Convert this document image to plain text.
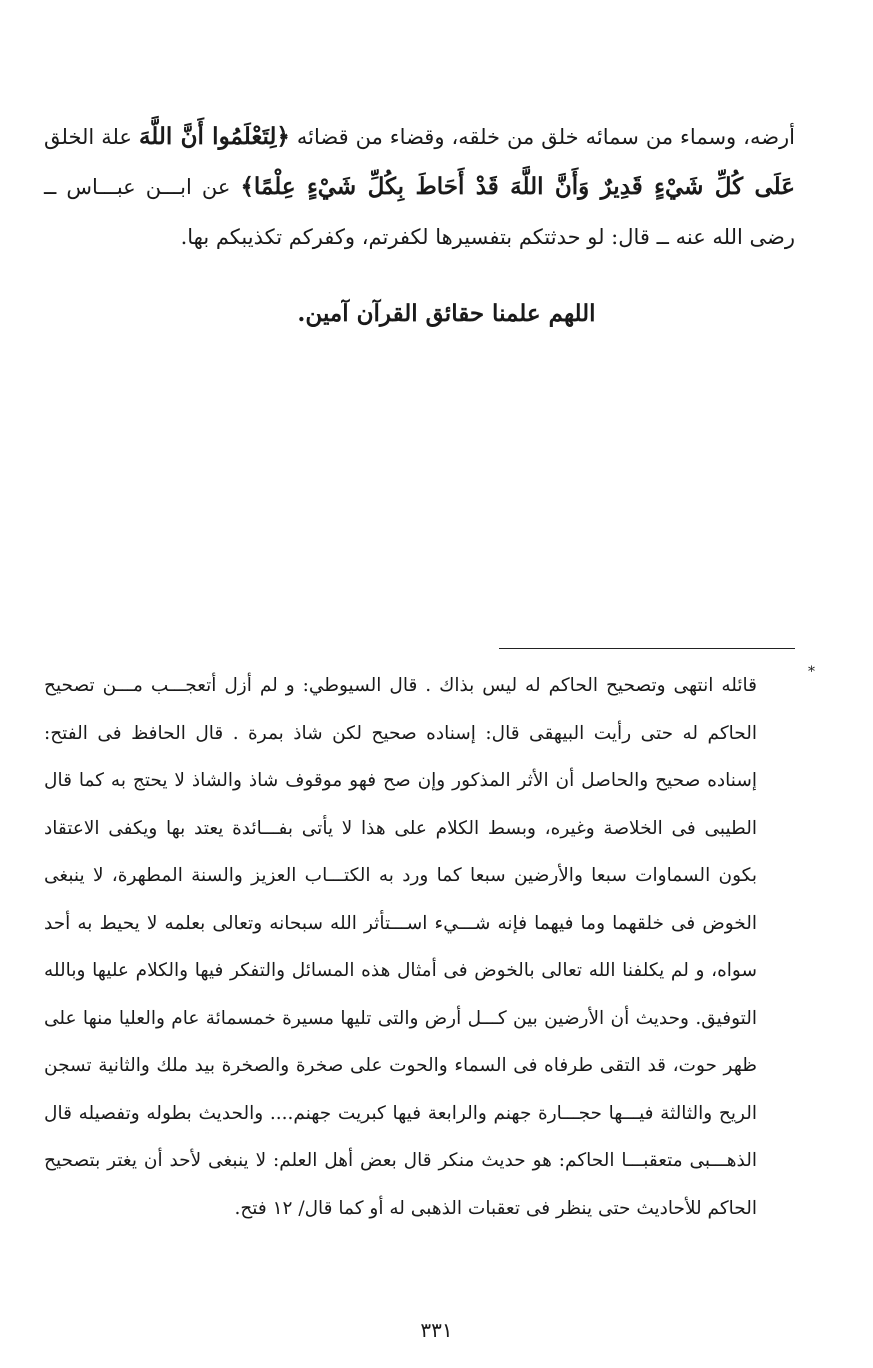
أرضه، وسماء من سمائه خلق من خلقه، وقضاء من قضائه ﴿لِتَعْلَمُوا أَنَّ اللَّهَ علة الخلق عَلَى كُلِّ شَيْءٍ قَدِيرٌ وَأَنَّ اللَّهَ قَدْ أَحَاطَ بِكُلِّ شَيْءٍ عِلْمًا﴾ عن ابـــن عبـــاس ــ رضى الله عنه ــ قال: لو حدثتكم بتفسيرها لكفرتم، وكفركم تكذيبكم بها.

اللهم علمنا حقائق القرآن آمين.
*

قائله انتهى وتصحيح الحاكم له ليس بذاك . قال السيوطي: و لم أزل أتعجـــب مـــن تصحيح الحاكم له حتى رأيت البيهقى قال: إسناده صحيح لكن شاذ بمرة . قال الحافظ فى الفتح: إسناده صحيح والحاصل أن الأثر المذكور وإن صح فهو موقوف شاذ والشاذ لا يحتج به كما قال الطيبى فى الخلاصة وغيره، وبسط الكلام على هذا لا يأتى بفـــائدة يعتد بها ويكفى الاعتقاد بكون السماوات سبعا والأرضين سبعا كما ورد به الكتـــاب العزيز والسنة المطهرة، لا ينبغى الخوض فى خلقهما وما فيهما فإنه شـــيء اســـتأثر الله سبحانه وتعالى بعلمه لا يحيط به أحد سواه، و لم يكلفنا الله تعالى بالخوض فى أمثال هذه المسائل والتفكر فيها والكلام عليها وبالله التوفيق. وحديث أن الأرضين بين كـــل أرض والتى تليها مسيرة خمسمائة عام والعليا منها على ظهر حوت، قد التقى طرفاه فى السماء والحوت على صخرة والصخرة بيد ملك والثانية تسجن الريح والثالثة فيـــها حجـــارة جهنم والرابعة فيها كبريت جهنم.... والحديث بطوله وتفصيله قال الذهـــبى متعقبـــا الحاكم: هو حديث منكر قال بعض أهل العلم: لا ينبغى لأحد أن يغتر بتصحيح الحاكم للأحاديث حتى ينظر فى تعقبات الذهبى له أو كما قال/ ١٢ فتح.

٣٣١
